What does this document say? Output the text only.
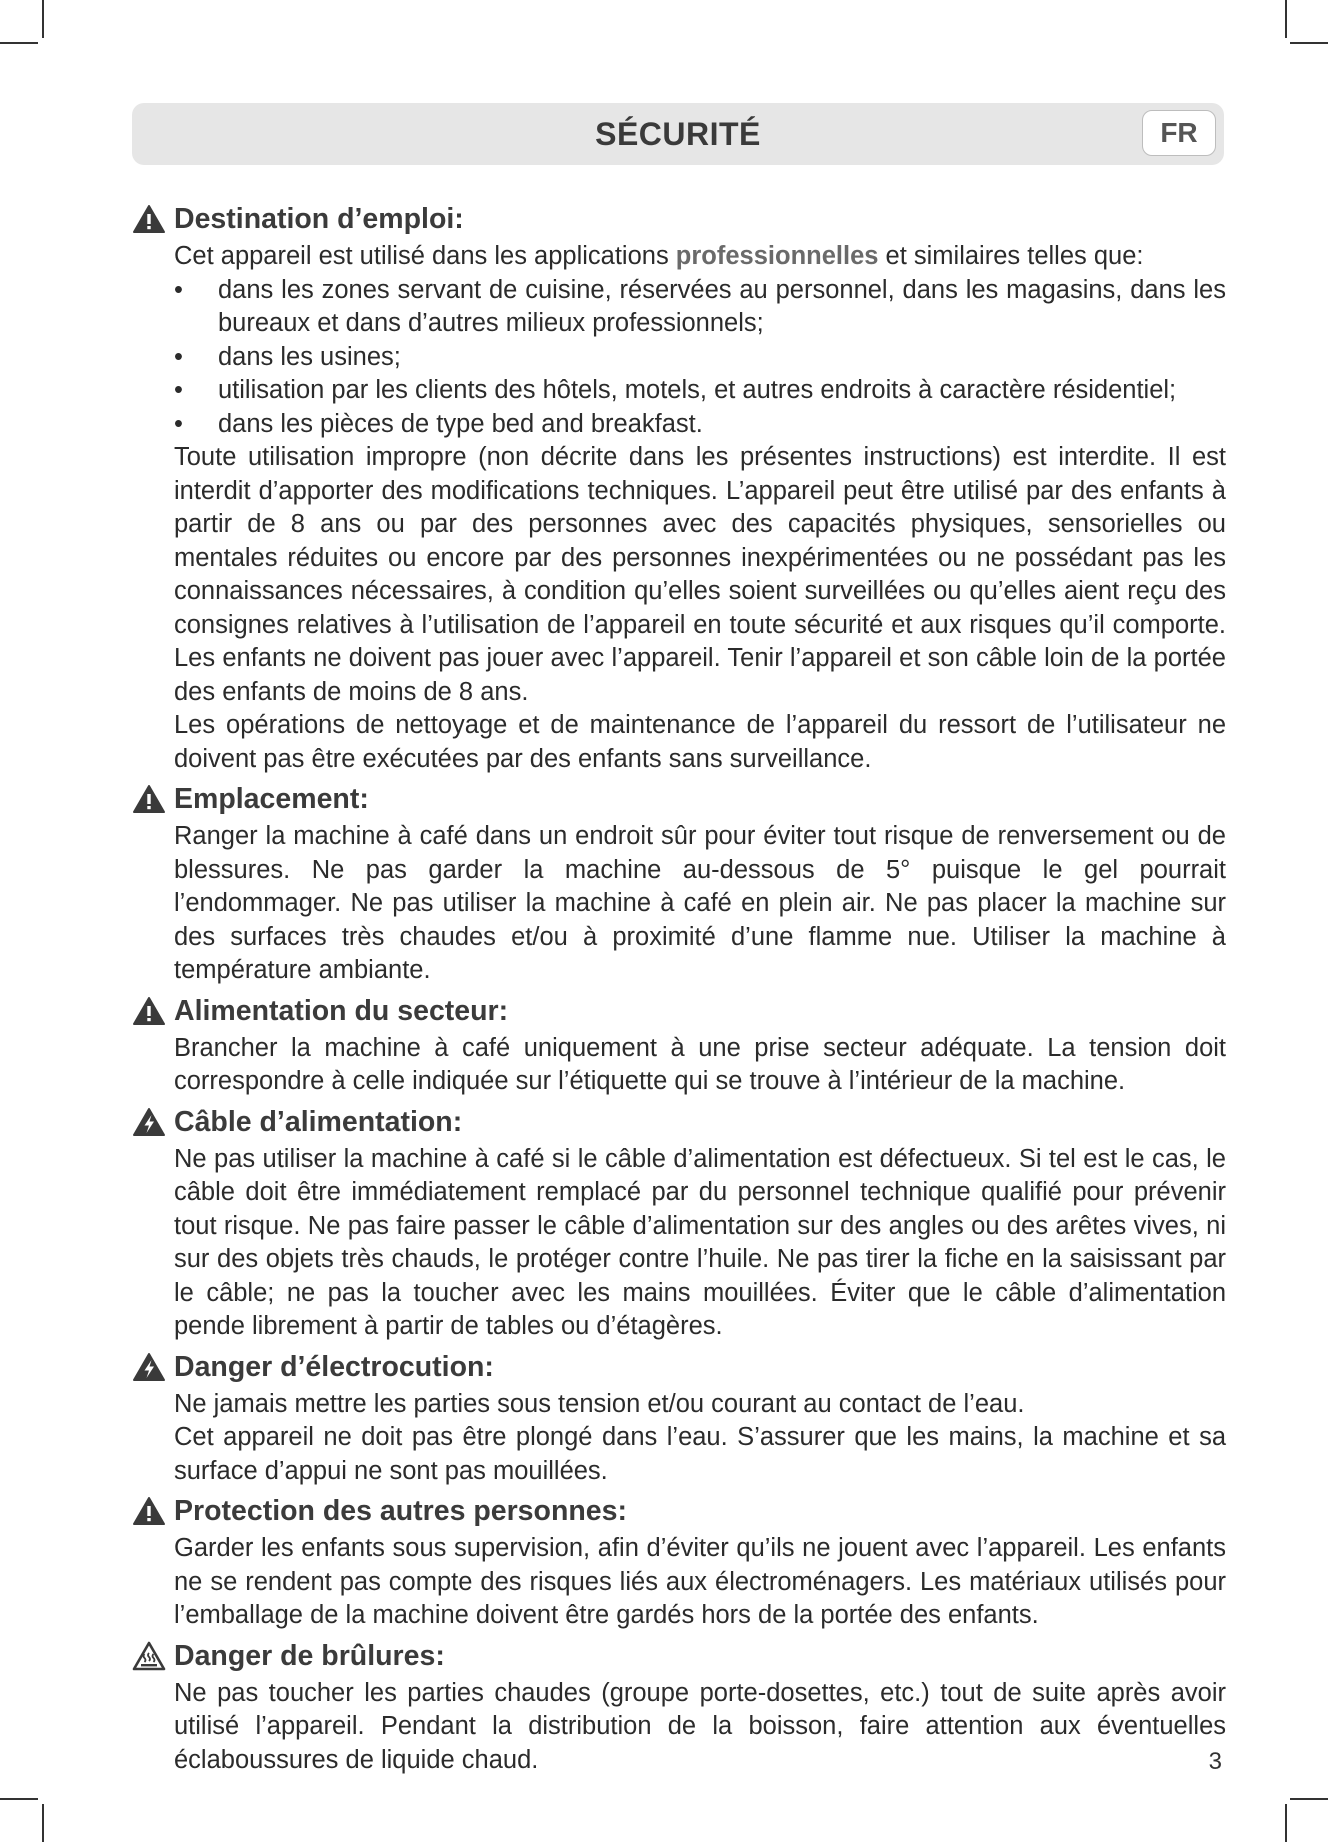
SÉCURITÉ	FR
Destination d’emploi:

Cet appareil est utilisé dans les applications professionnelles et similaires telles que:

• dans les zones servant de cuisine, réservées au personnel, dans les magasins, dans les bureaux et dans d’autres milieux professionnels;
• dans les usines;
• utilisation par les clients des hôtels, motels, et autres endroits à caractère résidentiel;
• dans les pièces de type bed and breakfast.

Toute utilisation impropre (non décrite dans les présentes instructions) est interdite. Il est interdit d’apporter des modifications techniques. L’appareil peut être utilisé par des enfants à partir de 8 ans ou par des personnes avec des capacités physiques, sensorielles ou mentales réduites ou encore par des personnes inexpérimentées ou ne possédant pas les connaissances nécessaires, à condition qu’elles soient surveillées ou qu’elles aient reçu des consignes relatives à l’utilisation de l’appareil en toute sécurité et aux risques qu’il comporte. Les enfants ne doivent pas jouer avec l’appareil. Tenir l’appareil et son câble loin de la portée des enfants de moins de 8 ans.

Les opérations de nettoyage et de maintenance de l’appareil du ressort de l’utilisateur ne doivent pas être exécutées par des enfants sans surveillance.

Emplacement:

Ranger la machine à café dans un endroit sûr pour éviter tout risque de renversement ou de blessures. Ne pas garder la machine au-dessous de 5° puisque le gel pourrait l’endommager. Ne pas utiliser la machine à café en plein air. Ne pas placer la machine sur des surfaces très chaudes et/ou à proximité d’une flamme nue. Utiliser la machine à température ambiante.

Alimentation du secteur:

Brancher la machine à café uniquement à une prise secteur adéquate. La tension doit correspondre à celle indiquée sur l’étiquette qui se trouve à l’intérieur de la machine.

Câble d’alimentation:

Ne pas utiliser la machine à café si le câble d’alimentation est défectueux. Si tel est le cas, le câble doit être immédiatement remplacé par du personnel technique qualifié pour prévenir tout risque. Ne pas faire passer le câble d’alimentation sur des angles ou des arêtes vives, ni sur des objets très chauds, le protéger contre l’huile. Ne pas tirer la fiche en la saisissant par le câble; ne pas la toucher avec les mains mouillées. Éviter que le câble d’alimentation pende librement à partir de tables ou d’étagères.

Danger d’électrocution:

Ne jamais mettre les parties sous tension et/ou courant au contact de l’eau.

Cet appareil ne doit pas être plongé dans l’eau. S’assurer que les mains, la machine et sa surface d’appui ne sont pas mouillées.

Protection des autres personnes:

Garder les enfants sous supervision, afin d’éviter qu’ils ne jouent avec l’appareil. Les enfants ne se rendent pas compte des risques liés aux électroménagers. Les matériaux utilisés pour l’emballage de la machine doivent être gardés hors de la portée des enfants.

Danger de brûlures:

Ne pas toucher les parties chaudes (groupe porte-dosettes, etc.) tout de suite après avoir utilisé l’appareil. Pendant la distribution de la boisson, faire attention aux éventuelles éclaboussures de liquide chaud.	3
